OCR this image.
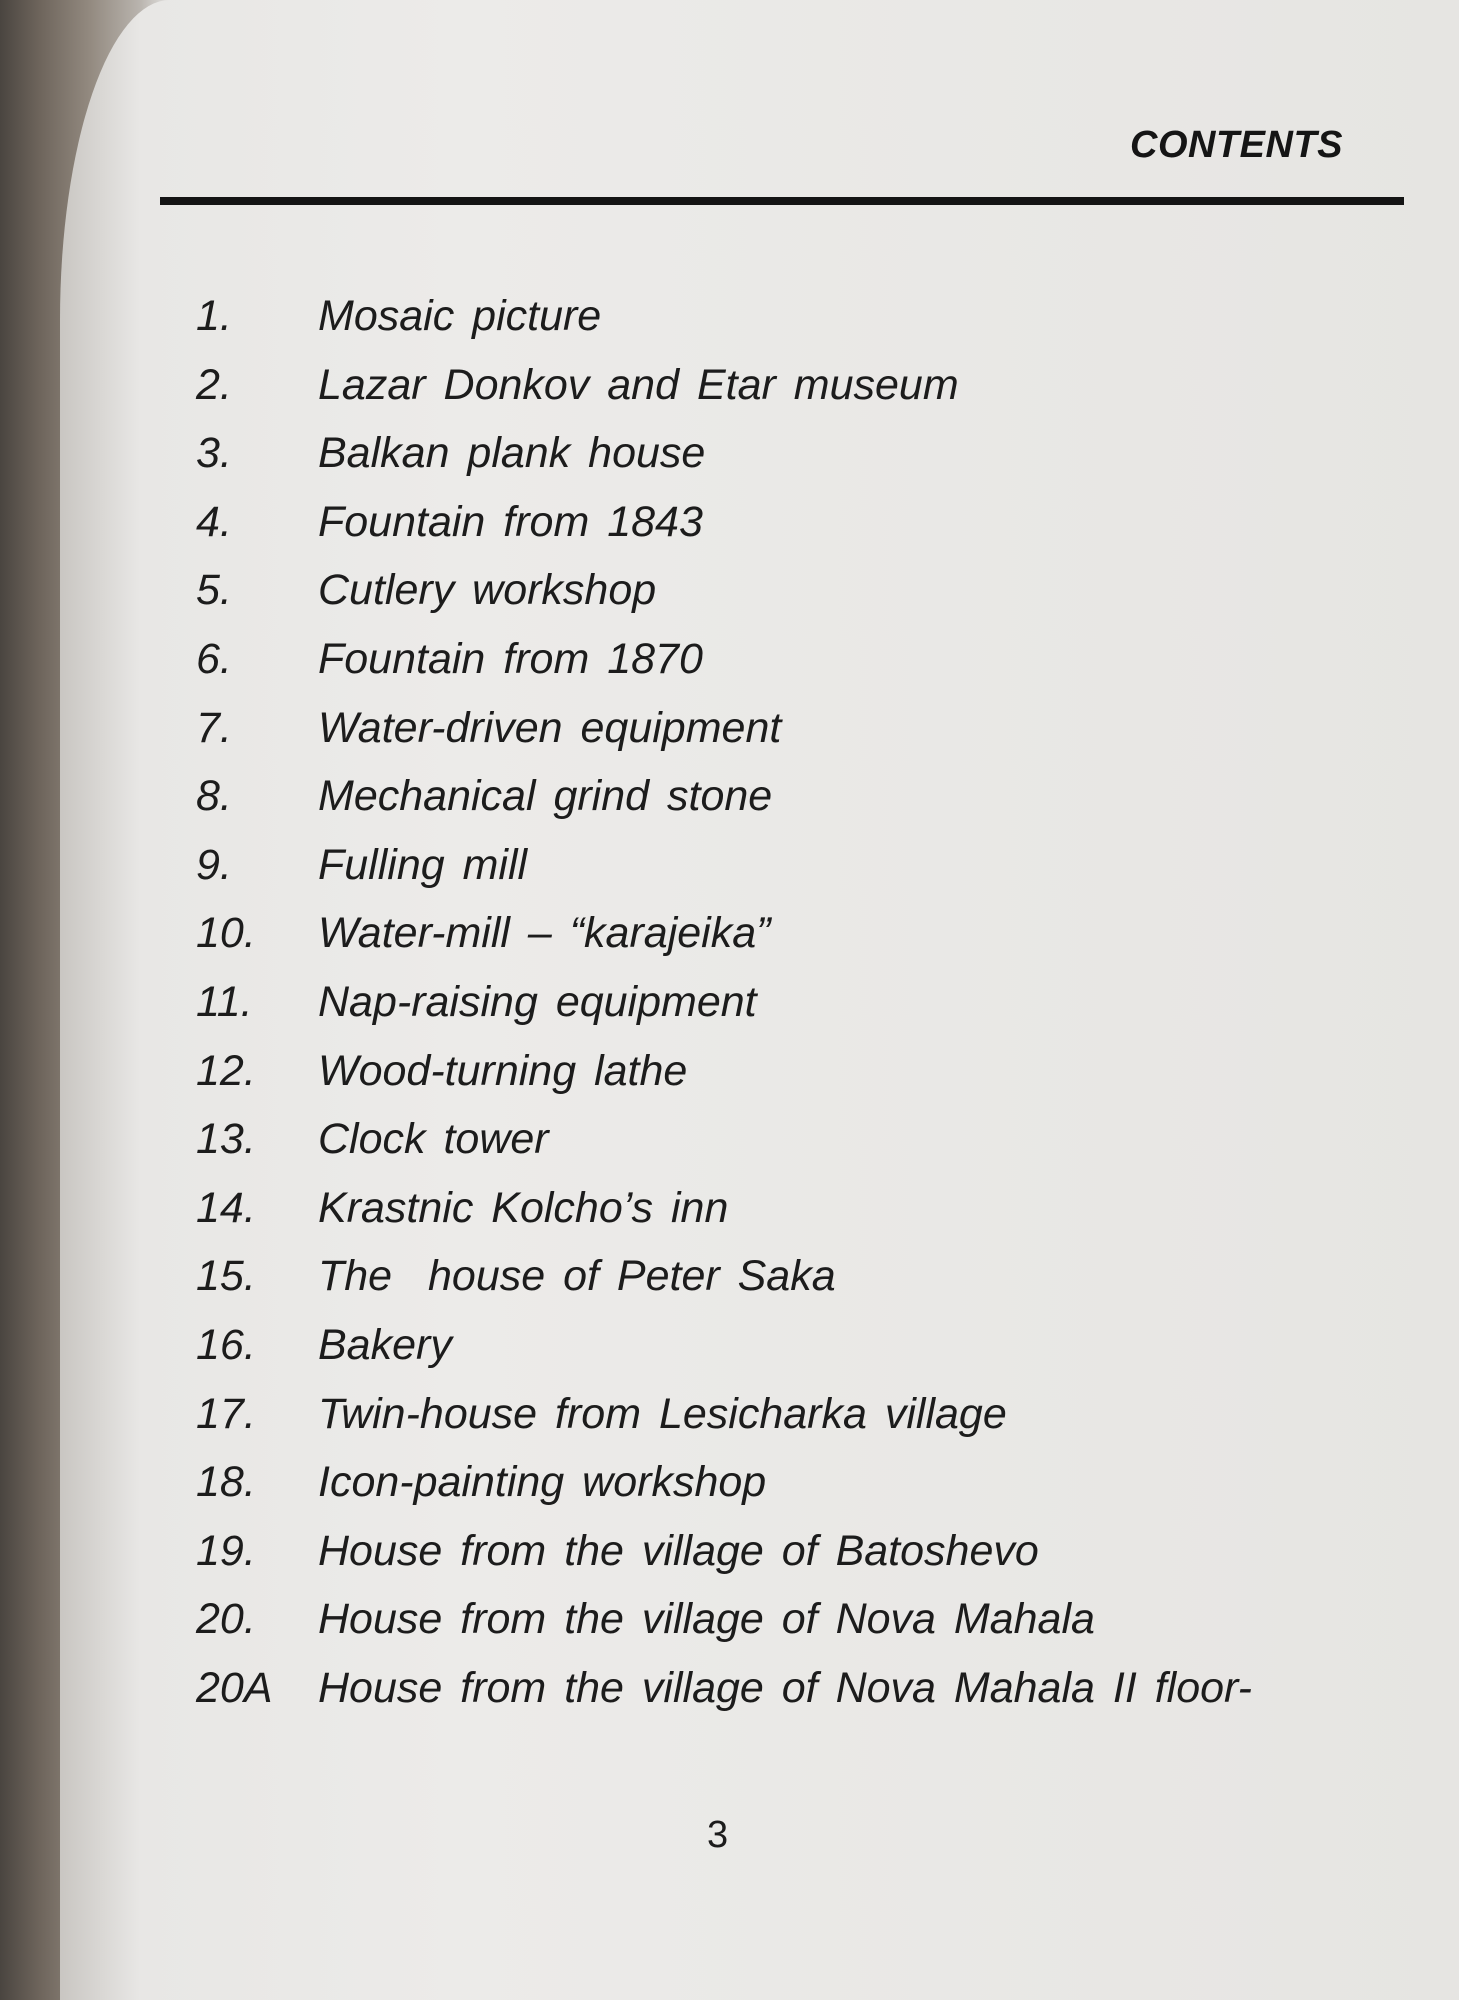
CONTENTS
1. Mosaic picture
2. Lazar Donkov and Etar museum
3. Balkan plank house
4. Fountain from 1843
5. Cutlery workshop
6. Fountain from 1870
7. Water-driven equipment
8. Mechanical grind stone
9. Fulling mill
10. Water-mill – “karajeika”
11. Nap-raising equipment
12. Wood-turning lathe
13. Clock tower
14. Krastnic Kolcho’s inn
15. The  house of Peter Saka
16. Bakery
17. Twin-house from Lesicharka village
18. Icon-painting workshop
19. House from the village of Batoshevo
20. House from the village of Nova Mahala
20A House from the village of Nova Mahala II floor-
3
